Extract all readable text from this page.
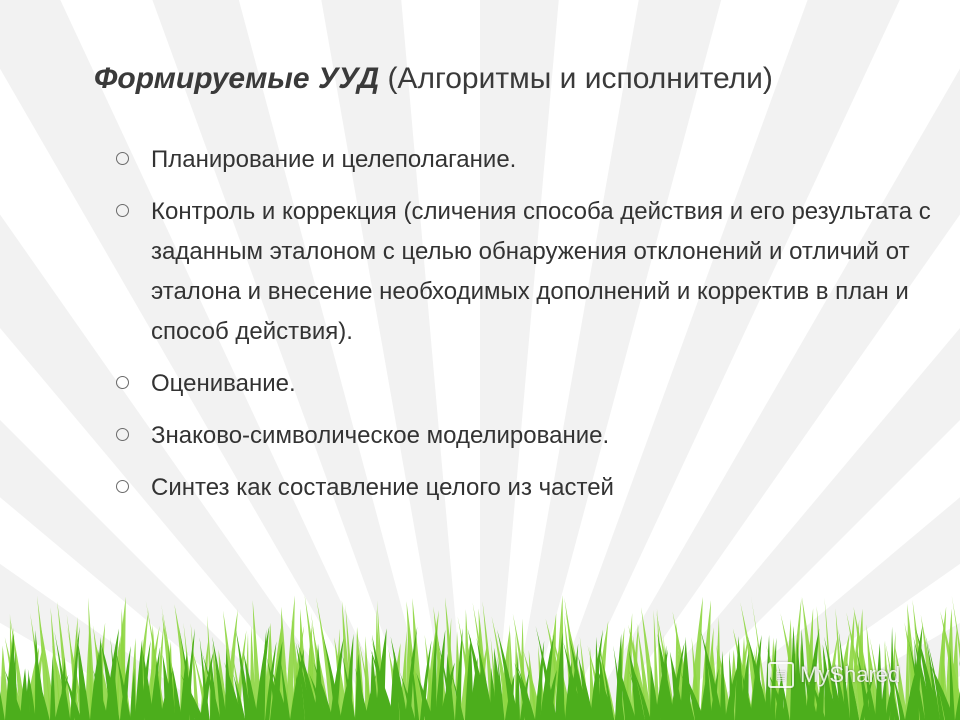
Формируемые УУД (Алгоритмы и исполнители)
Планирование и целеполагание.
Контроль и коррекция (сличения способа действия и его результата с заданным эталоном с целью обнаружения отклонений и отличий от эталона и внесение необходимых дополнений и корректив в план и способ действия).
Оценивание.
Знаково-символическое моделирование.
Синтез как составление целого из частей
▤ MyShared
